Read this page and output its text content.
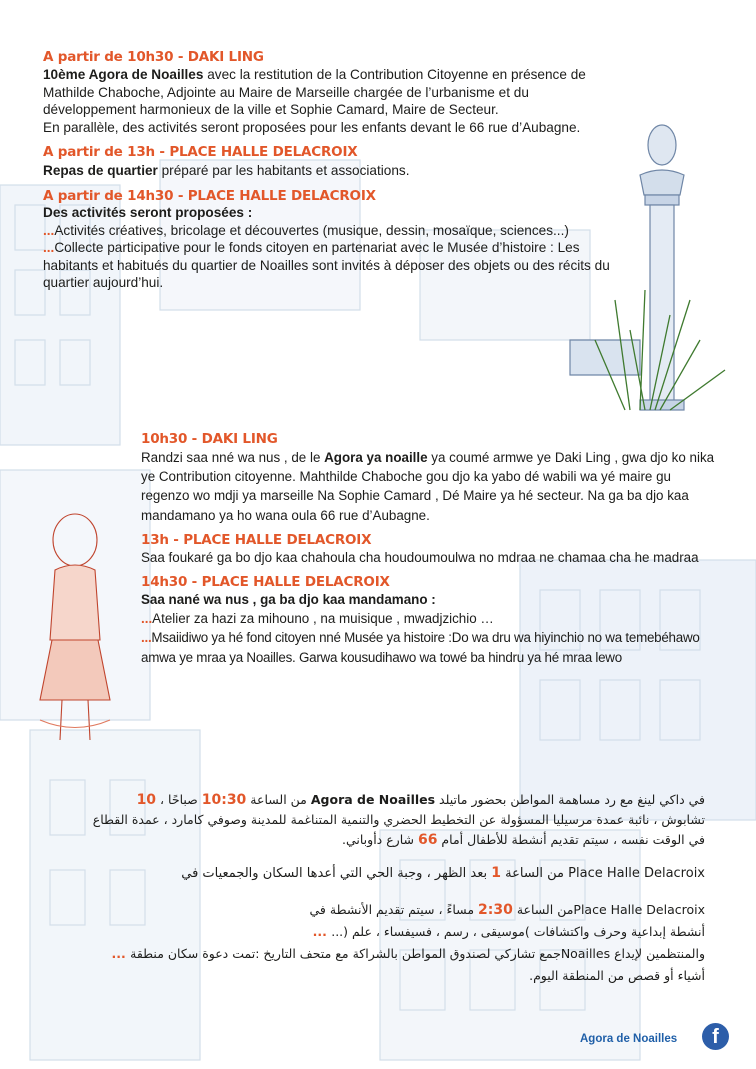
A partir de 10h30 - DAKI LING

10ème Agora de Noailles avec la restitution de la Contribution Citoyenne en présence de Mathilde Chaboche, Adjointe au Maire de Marseille chargée de l’urbanisme et du développement harmonieux de la ville et Sophie Camard, Maire de Secteur.

En parallèle, des activités seront proposées pour les enfants devant le 66 rue d’Aubagne.

A partir de 13h - PLACE HALLE DELACROIX

Repas de quartier préparé par les habitants et associations.

A partir de 14h30 - PLACE HALLE DELACROIX

Des activités seront proposées :

...Activités créatives, bricolage et découvertes (musique, dessin, mosaïque, sciences...)

...Collecte participative pour le fonds citoyen en partenariat avec le Musée d’histoire : Les habitants et habitués du quartier de Noailles sont invités à déposer des objets ou des récits du quartier aujourd’hui.

10h30 - DAKI LING

Randzi saa nné wa nus , de le Agora ya noaille ya coumé armwe ye Daki Ling , gwa djo ko nika ye Contribution citoyenne. Mahthilde Chaboche gou djo ka yabo dé wabili wa yé maire gu regenzo wo mdji ya marseille Na Sophie Camard , Dé Maire ya hé secteur. Na ga ba djo kaa mandamano ya ho wana oula 66 rue d’Aubagne.

13h - PLACE HALLE DELACROIX

Saa foukaré ga bo djo kaa chahoula cha houdoumoulwa no mdraa ne chamaa cha he madraa

14h30 - PLACE HALLE DELACROIX

Saa nané wa nus , ga ba djo kaa mandamano :

...Atelier za hazi za mihouno , na muisique , mwadjzichio …

...Msaiidiwo ya hé fond citoyen nné Musée ya histoire :Do wa dru wa hiyinchio no wa temebéhawo amwa ye mraa ya Noailles. Garwa kousudihawo wa towé ba hindru ya hé mraa lewo

في داكي لينغ مع رد مساهمة المواطن بحضور ماتيلد Agora de Noailles من الساعة 10:30 صباحًا ، 10

تشابوش ، نائبة عمدة مرسيليا المسؤولة عن التخطيط الحضري والتنمية المتناغمة للمدينة وصوفي كامارد ، عمدة القطاع

في الوقت نفسه ، سيتم تقديم أنشطة للأطفال أمام 66 شارع دأوباني.

Place Halle Delacroix من الساعة 1 بعد الظهر ، وجبة الحي التي أعدها السكان والجمعيات في

Place Halle Delacroixمن الساعة 2:30 مساءً ، سيتم تقديم الأنشطة في

أنشطة إبداعية وحرف واكتشافات )موسيقى ، رسم ، فسيفساء ، علم (... ...

والمنتظمين لإيداع Noaillesجمع تشاركي لصندوق المواطن بالشراكة مع متحف التاريخ :تمت دعوة سكان منطقة ...

أشياء أو قصص من المنطقة اليوم.

Agora de Noailles	f
